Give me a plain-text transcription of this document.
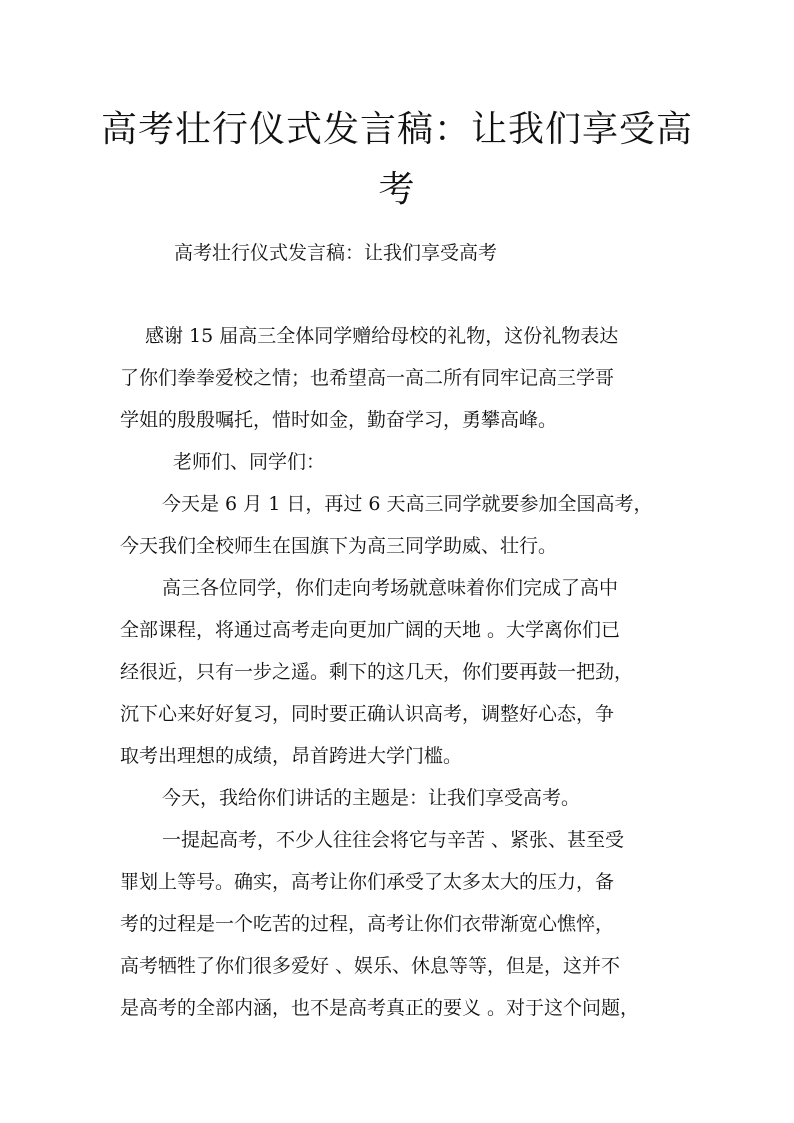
高考壮行仪式发言稿：让我们享受高
考

高考壮行仪式发言稿：让我们享受高考

感谢 15 届高三全体同学赠给母校的礼物，这份礼物表达

了你们拳拳爱校之情；也希望高一高二所有同牢记高三学哥

学姐的殷殷嘱托，惜时如金，勤奋学习，勇攀高峰。

老师们、同学们：

今天是 6 月 1 日，再过 6 天高三同学就要参加全国高考，

今天我们全校师生在国旗下为高三同学助威、壮行。

高三各位同学，你们走向考场就意味着你们完成了高中

全部课程，将通过高考走向更加广阔的天地 。大学离你们已

经很近，只有一步之遥。剩下的这几天，你们要再鼓一把劲，

沉下心来好好复习，同时要正确认识高考，调整好心态，争

取考出理想的成绩，昂首跨进大学门槛。

今天，我给你们讲话的主题是：让我们享受高考。

一提起高考，不少人往往会将它与辛苦 、紧张、甚至受

罪划上等号。确实，高考让你们承受了太多太大的压力，备

考的过程是一个吃苦的过程，高考让你们衣带渐宽心憔悴，

高考牺牲了你们很多爱好 、娱乐、休息等等，但是，这并不

是高考的全部内涵，也不是高考真正的要义 。对于这个问题，
